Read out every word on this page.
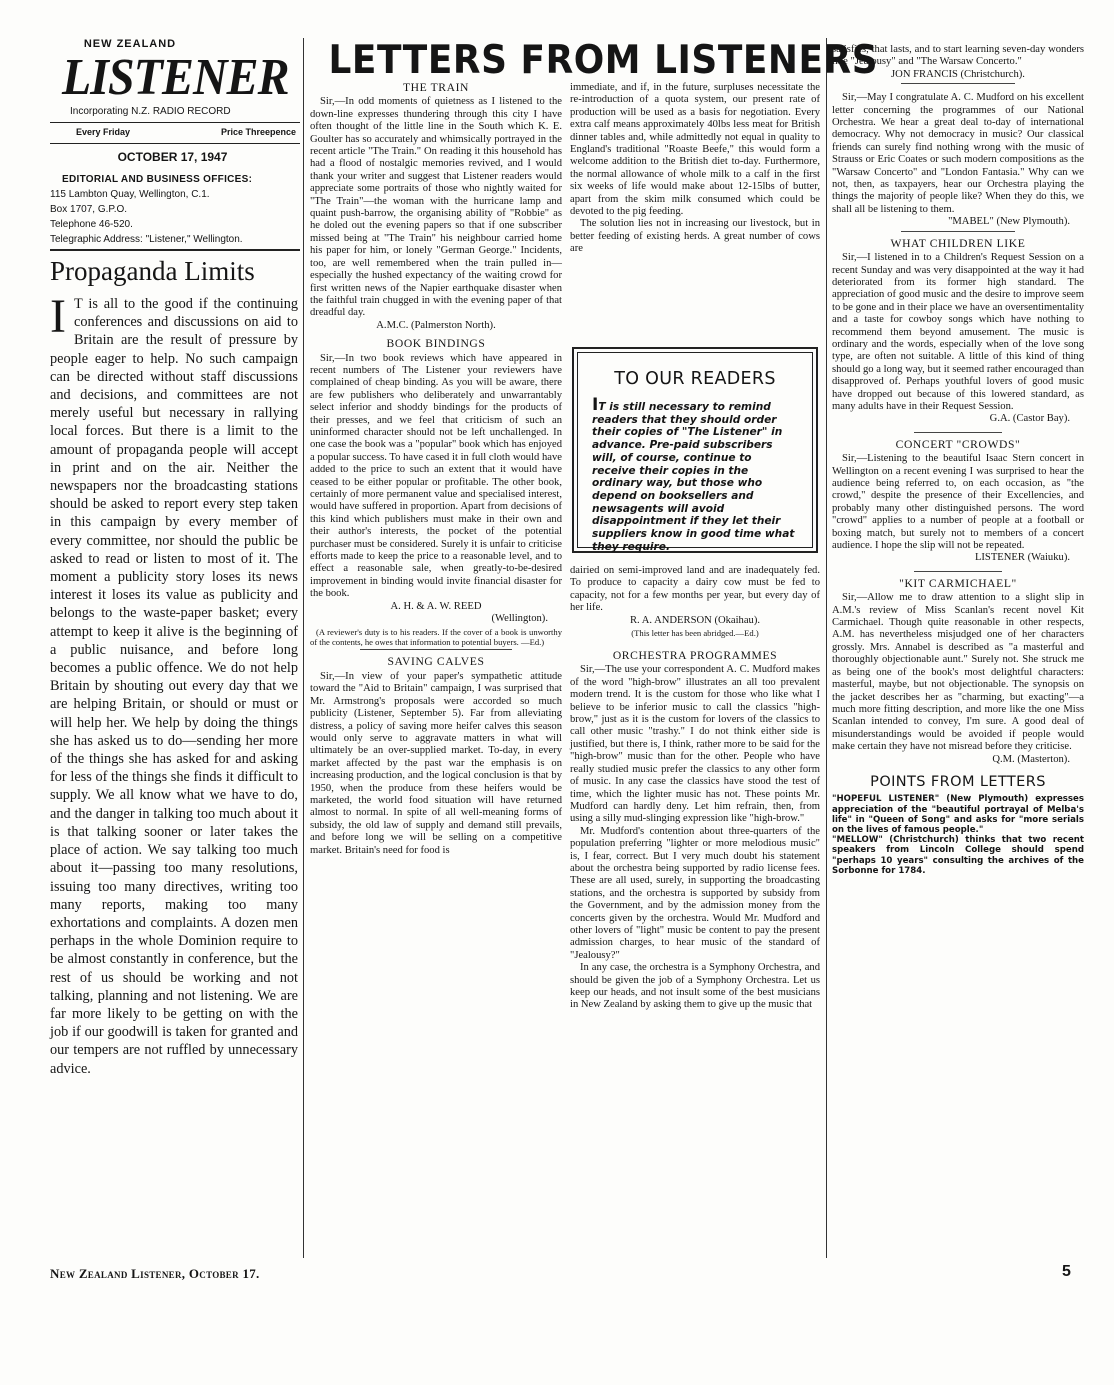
NEW ZEALAND
LISTENER
Incorporating N.Z. RADIO RECORD
Every Friday	Price Threepence
OCTOBER 17, 1947
EDITORIAL AND BUSINESS OFFICES:
115 Lambton Quay, Wellington, C.1.
Box 1707, G.P.O.
Telephone 46-520.
Telegraphic Address: "Listener," Wellington.
Propaganda Limits
I T is all to the good if the continuing conferences and discussions on aid to Britain are the result of pressure by people eager to help. No such campaign can be directed without staff discussions and decisions, and committees are not merely useful but necessary in rallying local forces. But there is a limit to the amount of propaganda people will accept in print and on the air. Neither the newspapers nor the broadcasting stations should be asked to report every step taken in this campaign by every member of every committee, nor should the public be asked to read or listen to most of it. The moment a publicity story loses its news interest it loses its value as publicity and belongs to the waste-paper basket; every attempt to keep it alive is the beginning of a public nuisance, and before long becomes a public offence. We do not help Britain by shouting out every day that we are helping Britain, or should or must or will help her. We help by doing the things she has asked us to do—sending her more of the things she has asked for and asking for less of the things she finds it difficult to supply. We all know what we have to do, and the danger in talking too much about it is that talking sooner or later takes the place of action. We say talking too much about it—passing too many resolutions, issuing too many directives, writing too many reports, making too many exhortations and complaints. A dozen men perhaps in the whole Dominion require to be almost constantly in conference, but the rest of us should be working and not talking, planning and not listening. We are far more likely to be getting on with the job if our goodwill is taken for granted and our tempers are not ruffled by unnecessary advice.
LETTERS FROM LISTENERS

THE TRAIN

Sir,—In odd moments of quietness as I listened to the down-line expresses thundering through this city I have often thought of the little line in the South which K. E. Goulter has so accurately and whimsically portrayed in the recent article "The Train." On reading it this household has had a flood of nostalgic memories revived, and I would thank your writer and suggest that Listener readers would appreciate some portraits of those who nightly waited for "The Train"—the woman with the hurricane lamp and quaint push-barrow, the organising ability of "Robbie" as he doled out the evening papers so that if one subscriber missed being at "The Train" his neighbour carried home his paper for him, or lonely "German George." Incidents, too, are well remembered when the train pulled in—especially the hushed expectancy of the waiting crowd for first written news of the Napier earthquake disaster when the faithful train chugged in with the evening paper of that dreadful day.

A.M.C. (Palmerston North).

BOOK BINDINGS

Sir,—In two book reviews which have appeared in recent numbers of The Listener your reviewers have complained of cheap binding. As you will be aware, there are few publishers who deliberately and unwarrantably select inferior and shoddy bindings for the products of their presses, and we feel that criticism of such an uninformed character should not be left unchallenged. In one case the book was a "popular" book which has enjoyed a popular success. To have cased it in full cloth would have added to the price to such an extent that it would have ceased to be either popular or profitable. The other book, certainly of more permanent value and specialised interest, would have suffered in proportion. Apart from decisions of this kind which publishers must make in their own and their author's interests, the pocket of the potential purchaser must be considered. Surely it is unfair to criticise efforts made to keep the price to a reasonable level, and to effect a reasonable sale, when greatly-to-be-desired improvement in binding would invite financial disaster for the book.

A. H. & A. W. REED

(Wellington).

(A reviewer's duty is to his readers. If the cover of a book is unworthy of the contents, he owes that information to potential buyers. —Ed.)

SAVING CALVES

Sir,—In view of your paper's sympathetic attitude toward the "Aid to Britain" campaign, I was surprised that Mr. Armstrong's proposals were accorded so much publicity (Listener, September 5). Far from alleviating distress, a policy of saving more heifer calves this season would only serve to aggravate matters in what will ultimately be an over-supplied market. To-day, in every market affected by the past war the emphasis is on increasing production, and the logical conclusion is that by 1950, when the produce from these heifers would be marketed, the world food situation will have returned almost to normal. In spite of all well-meaning forms of subsidy, the old law of supply and demand still prevails, and before long we will be selling on a competitive market. Britain's need for food is

immediate, and if, in the future, surpluses necessitate the re-introduction of a quota system, our present rate of production will be used as a basis for negotiation. Every extra calf means approximately 40lbs less meat for British dinner tables and, while admittedly not equal in quality to England's traditional "Roaste Beefe," this would form a welcome addition to the British diet to-day. Furthermore, the normal allowance of whole milk to a calf in the first six weeks of life would make about 12-15lbs of butter, apart from the skim milk consumed which could be devoted to the pig feeding.

The solution lies not in increasing our livestock, but in better feeding of existing herds. A great number of cows are

TO OUR READERS
IT is still necessary to remind readers that they should order their copies of "The Listener" in advance. Pre-paid subscribers will, of course, continue to receive their copies in the ordinary way, but those who depend on booksellers and newsagents will avoid disappointment if they let their suppliers know in good time what they require.

dairied on semi-improved land and are inadequately fed. To produce to capacity a dairy cow must be fed to capacity, not for a few months per year, but every day of her life.

R. A. ANDERSON (Okaihau).

(This letter has been abridged.—Ed.)

ORCHESTRA PROGRAMMES

Sir,—The use your correspondent A. C. Mudford makes of the word "high-brow" illustrates an all too prevalent modern trend. It is the custom for those who like what I believe to be inferior music to call the classics "high-brow," just as it is the custom for lovers of the classics to call other music "trashy." I do not think either side is justified, but there is, I think, rather more to be said for the "high-brow" music than for the other. People who have really studied music prefer the classics to any other form of music. In any case the classics have stood the test of time, which the lighter music has not. These points Mr. Mudford can hardly deny. Let him refrain, then, from using a silly mud-slinging expression like "high-brow."

Mr. Mudford's contention about three-quarters of the population preferring "lighter or more melodious music" is, I fear, correct. But I very much doubt his statement about the orchestra being supported by radio license fees. These are all used, surely, in supporting the broadcasting stations, and the orchestra is supported by subsidy from the Government, and by the admission money from the concerts given by the orchestra. Would Mr. Mudford and other lovers of "light" music be content to pay the present admission charges, to hear music of the standard of "Jealousy?"

In any case, the orchestra is a Symphony Orchestra, and should be given the job of a Symphony Orchestra. Let us keep our heads, and not insult some of the best musicians in New Zealand by asking them to give up the music that

satisfies, that lasts, and to start learning seven-day wonders like "Jealousy" and "The Warsaw Concerto."

JON FRANCIS (Christchurch).

Sir,—May I congratulate A. C. Mudford on his excellent letter concerning the programmes of our National Orchestra. We hear a great deal to-day of international democracy. Why not democracy in music? Our classical friends can surely find nothing wrong with the music of Strauss or Eric Coates or such modern compositions as the "Warsaw Concerto" and "London Fantasia." Why can we not, then, as taxpayers, hear our Orchestra playing the things the majority of people like? When they do this, we shall all be listening to them.

"MABEL" (New Plymouth).

WHAT CHILDREN LIKE

Sir,—I listened in to a Children's Request Session on a recent Sunday and was very disappointed at the way it had deteriorated from its former high standard. The appreciation of good music and the desire to improve seem to be gone and in their place we have an oversentimentality and a taste for cowboy songs which have nothing to recommend them beyond amusement. The music is ordinary and the words, especially when of the love song type, are often not suitable. A little of this kind of thing should go a long way, but it seemed rather encouraged than disapproved of. Perhaps youthful lovers of good music have dropped out because of this lowered standard, as many adults have in their Request Session.

G.A. (Castor Bay).

CONCERT "CROWDS"

Sir,—Listening to the beautiful Isaac Stern concert in Wellington on a recent evening I was surprised to hear the audience being referred to, on each occasion, as "the crowd," despite the presence of their Excellencies, and probably many other distinguished persons. The word "crowd" applies to a number of people at a football or boxing match, but surely not to members of a concert audience. I hope the slip will not be repeated.

LISTENER (Waiuku).

"KIT CARMICHAEL"

Sir,—Allow me to draw attention to a slight slip in A.M.'s review of Miss Scanlan's recent novel Kit Carmichael. Though quite reasonable in other respects, A.M. has nevertheless misjudged one of her characters grossly. Mrs. Annabel is described as "a masterful and thoroughly objectionable aunt." Surely not. She struck me as being one of the book's most delightful characters: masterful, maybe, but not objectionable. The synopsis on the jacket describes her as "charming, but exacting"—a much more fitting description, and more like the one Miss Scanlan intended to convey, I'm sure. A good deal of misunderstandings would be avoided if people would make certain they have not misread before they criticise.

Q.M. (Masterton).

POINTS FROM LETTERS
"HOPEFUL LISTENER" (New Plymouth) expresses appreciation of the "beautiful portrayal of Melba's life" in "Queen of Song" and asks for "more serials on the lives of famous people."
"MELLOW" (Christchurch) thinks that two recent speakers from Lincoln College should spend "perhaps 10 years" consulting the archives of the Sorbonne for 1784.
New Zealand Listener, October 17.	5
